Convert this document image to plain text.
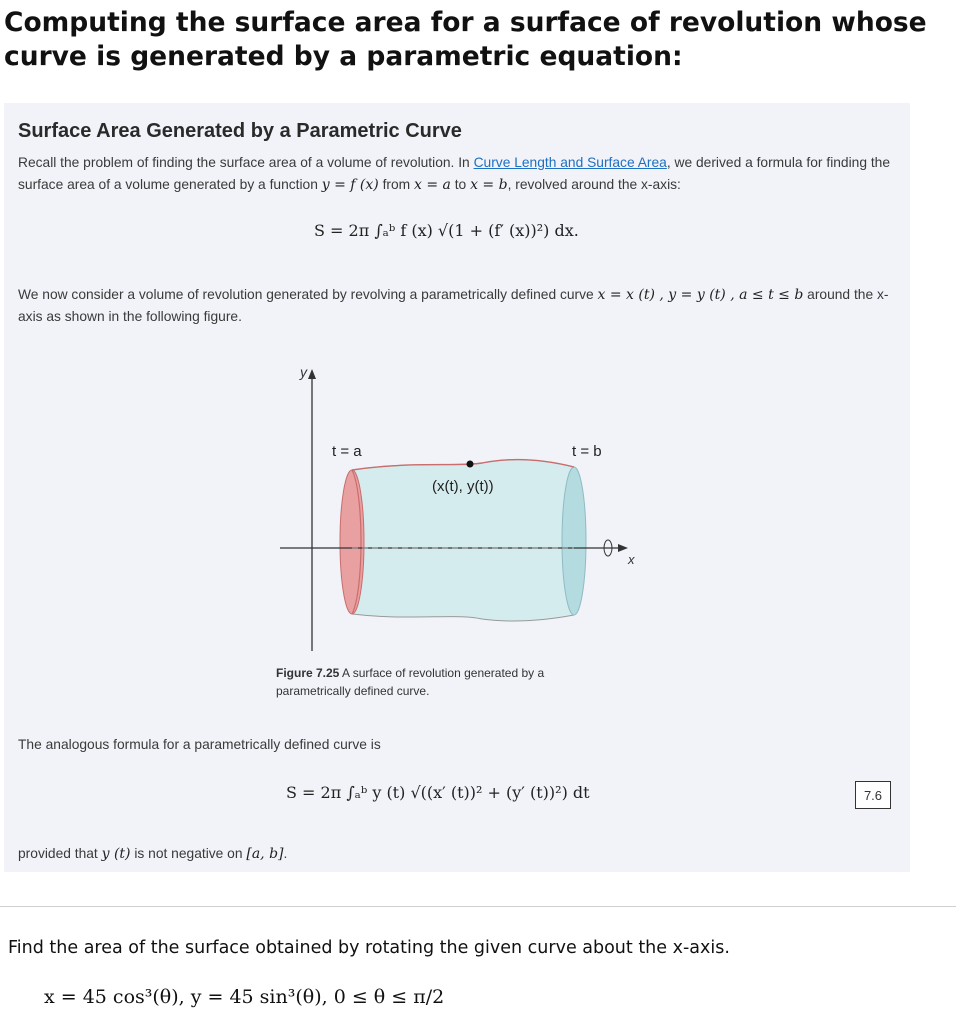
Computing the surface area for a surface of revolution whose curve is generated by a parametric equation:
Surface Area Generated by a Parametric Curve
Recall the problem of finding the surface area of a volume of revolution. In Curve Length and Surface Area, we derived a formula for finding the surface area of a volume generated by a function y = f (x) from x = a to x = b, revolved around the x-axis:
S = 2π ∫ₐᵇ f (x) √(1 + (f′ (x))²) dx.
We now consider a volume of revolution generated by revolving a parametrically defined curve x = x (t) , y = y (t) , a ≤ t ≤ b around the x-axis as shown in the following figure.
y
x
t = a	t = b
(x(t), y(t))
Figure 7.25 A surface of revolution generated by a parametrically defined curve.
The analogous formula for a parametrically defined curve is
S = 2π ∫ₐᵇ y (t) √((x′ (t))² + (y′ (t))²) dt	7.6
provided that y (t) is not negative on [a, b].
Find the area of the surface obtained by rotating the given curve about the x-axis.
x = 45 cos³(θ), y = 45 sin³(θ), 0 ≤ θ ≤ π/2
